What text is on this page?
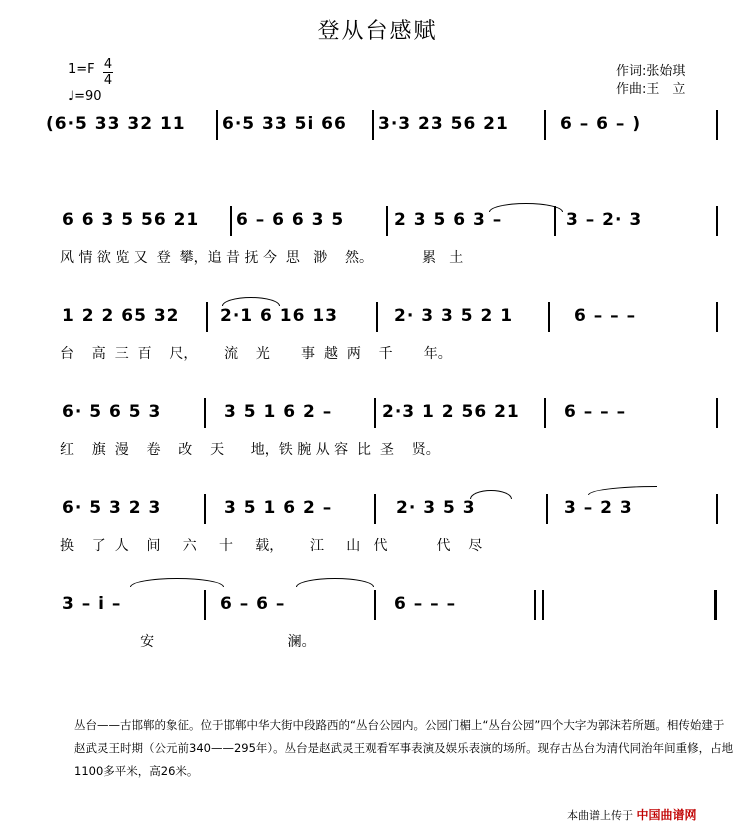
登从台感赋
1=F 4
4
♩=90
作词:张始琪
作曲:王　立
(6·5 33 32 11 6·5 33 5i 66 3·3 23 56 21	6 – 6 – )
6 6 3 5 56 21 6 – 6 6 3 5	2 3 5 6 3 –	3 – 2· 3
风 情 欲 览 又  登  攀，追 昔 抚 今  思   渺    然。           累   土
1 2 2 65 32 2·1 6 16 13	2· 3 3 5 2 1	6 – – –
台    高  三  百    尺，      流    光       事  越  两    千       年。
6· 5 6 5 3	3 5 1 6 2 –	2·3 1 2 56 21	6 – – –
红    旗  漫    卷    改    天      地，铁 腕 从 容  比  圣    贤。
6· 5 3 2 3	3 5 1 6 2 –	2· 3 5 3	3 – 2 3
换    了  人    间     六     十     载，      江     山   代           代    尽
3 – i –	6 – 6 –	6 – – –
安                              澜。
丛台——古邯郸的象征。位于邯郸中华大街中段路西的“丛台公园内。公园门楣上“丛台公园”四个大字为郭沫若所题。相传始建于赵武灵王时期（公元前340——295年）。丛台是赵武灵王观看军事表演及娱乐表演的场所。现存古丛台为清代同治年间重修，占地1100多平米，高26米。
本曲谱上传于 中国曲谱网
